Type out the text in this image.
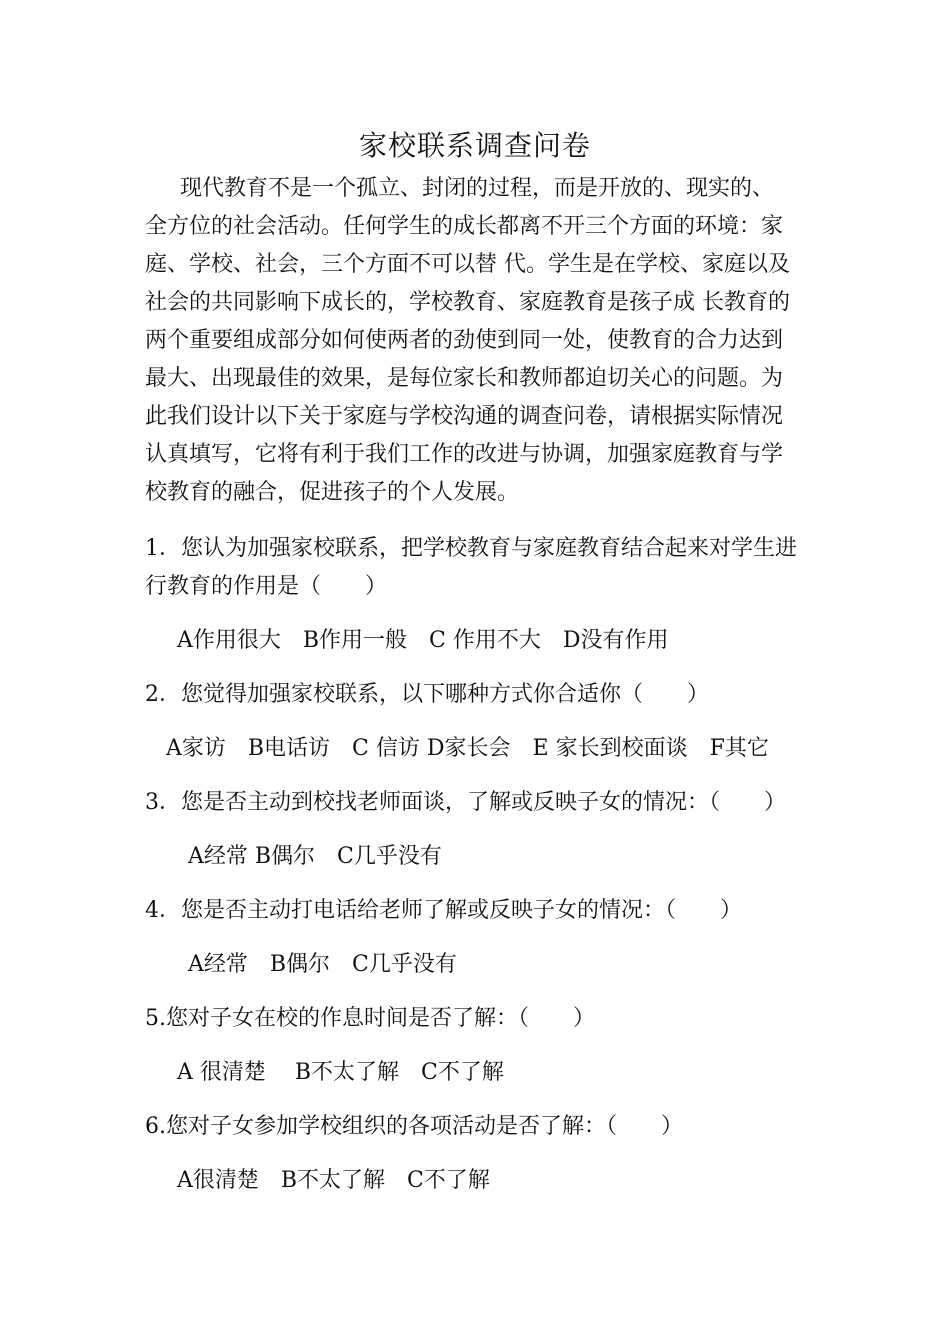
家校联系调查问卷
现代教育不是一个孤立、封闭的过程，而是开放的、现实的、
全方位的社会活动。任何学生的成长都离不开三个方面的环境：家
庭、学校、社会，三个方面不可以替 代。学生是在学校、家庭以及
社会的共同影响下成长的，学校教育、家庭教育是孩子成 长教育的
两个重要组成部分如何使两者的劲使到同一处，使教育的合力达到
最大、出现最佳的效果，是每位家长和教师都迫切关心的问题。为
此我们设计以下关于家庭与学校沟通的调查问卷，请根据实际情况
认真填写，它将有利于我们工作的改进与协调，加强家庭教育与学
校教育的融合，促进孩子的个人发展。
1．您认为加强家校联系，把学校教育与家庭教育结合起来对学生进
行教育的作用是（　　）
A作用很大　B作用一般　C 作用不大　D没有作用
2．您觉得加强家校联系，以下哪种方式你合适你（　　）
A家访　B电话访　C 信访 D家长会　E 家长到校面谈　F其它
3．您是否主动到校找老师面谈，了解或反映子女的情况：（　　）
A经常 B偶尔　C几乎没有
4．您是否主动打电话给老师了解或反映子女的情况：（　　）
A经常　B偶尔　C几乎没有
5.您对子女在校的作息时间是否了解：（　　）
A 很清楚　 B不太了解　C不了解
6.您对子女参加学校组织的各项活动是否了解：（　　）
A很清楚　B不太了解　C不了解
